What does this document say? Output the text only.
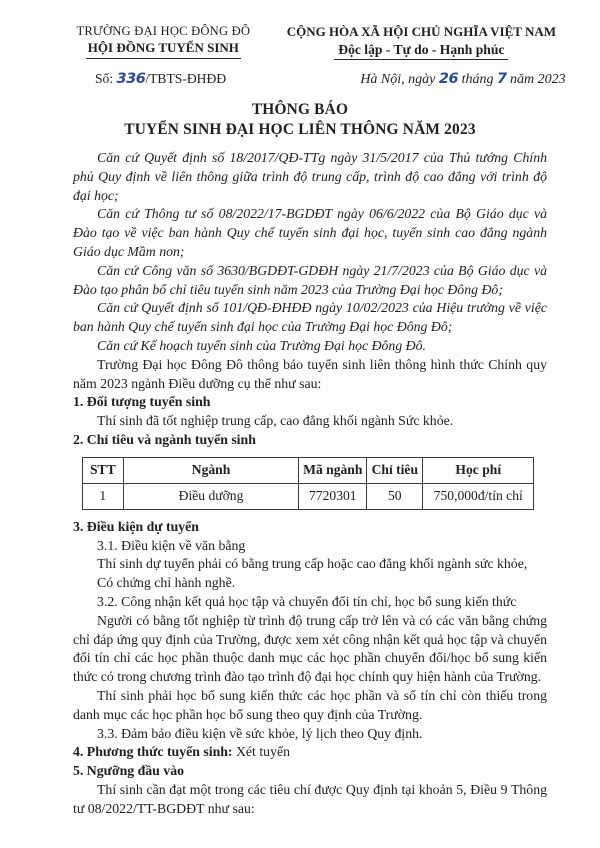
TRƯỜNG ĐẠI HỌC ĐÔNG ĐÔ
HỘI ĐỒNG TUYỂN SINH
CỘNG HÒA XÃ HỘI CHỦ NGHĨA VIỆT NAM
Độc lập - Tự do - Hạnh phúc
Số: 336/TBTS-ĐHĐĐ	Hà Nội, ngày 26 tháng 7 năm 2023
THÔNG BÁO
TUYỂN SINH ĐẠI HỌC LIÊN THÔNG NĂM 2023

Căn cứ Quyết định số 18/2017/QĐ-TTg ngày 31/5/2017 của Thủ tướng Chính phủ Quy định về liên thông giữa trình độ trung cấp, trình độ cao đẳng với trình độ đại học;

Căn cứ Thông tư số 08/2022/17-BGDĐT ngày 06/6/2022 của Bộ Giáo dục và Đào tạo về việc ban hành Quy chế tuyển sinh đại học, tuyển sinh cao đẳng ngành Giáo dục Mầm non;

Căn cứ Công văn số 3630/BGDĐT-GDĐH ngày 21/7/2023 của Bộ Giáo dục và Đào tạo phân bổ chỉ tiêu tuyển sinh năm 2023 của Trường Đại học Đông Đô;

Căn cứ Quyết định số 101/QĐ-ĐHĐĐ ngày 10/02/2023 của Hiệu trưởng về việc ban hành Quy chế tuyển sinh đại học của Trường Đại học Đông Đô;

Căn cứ Kế hoạch tuyển sinh của Trường Đại học Đông Đô.

Trường Đại học Đông Đô thông báo tuyển sinh liên thông hình thức Chính quy năm 2023 ngành Điều dưỡng cụ thể như sau:

1. Đối tượng tuyển sinh

Thí sinh đã tốt nghiệp trung cấp, cao đẳng khối ngành Sức khỏe.

2. Chỉ tiêu và ngành tuyển sinh

STT	Ngành	Mã ngành	Chỉ tiêu	Học phí
1	Điều dưỡng	7720301	50	750,000đ/tín chỉ

3. Điều kiện dự tuyển

3.1. Điều kiện về văn bằng

Thí sinh dự tuyển phải có bằng trung cấp hoặc cao đẳng khối ngành sức khỏe,

Có chứng chỉ hành nghề.

3.2. Công nhận kết quả học tập và chuyển đổi tín chỉ, học bổ sung kiến thức

Người có bằng tốt nghiệp từ trình độ trung cấp trở lên và có các văn bằng chứng chỉ đáp ứng quy định của Trường, được xem xét công nhận kết quả học tập và chuyển đổi tín chỉ các học phần thuộc danh mục các học phần chuyển đổi/học bổ sung kiến thức có trong chương trình đào tạo trình độ đại học chính quy hiện hành của Trường.

Thí sinh phải học bổ sung kiến thức các học phần và số tín chỉ còn thiếu trong danh mục các học phần học bổ sung theo quy định của Trường.

3.3. Đảm bảo điều kiện về sức khỏe, lý lịch theo Quy định.

4. Phương thức tuyển sinh: Xét tuyển

5. Ngưỡng đầu vào

Thí sinh cần đạt một trong các tiêu chí được Quy định tại khoản 5, Điều 9 Thông tư 08/2022/TT-BGDĐT như sau:
